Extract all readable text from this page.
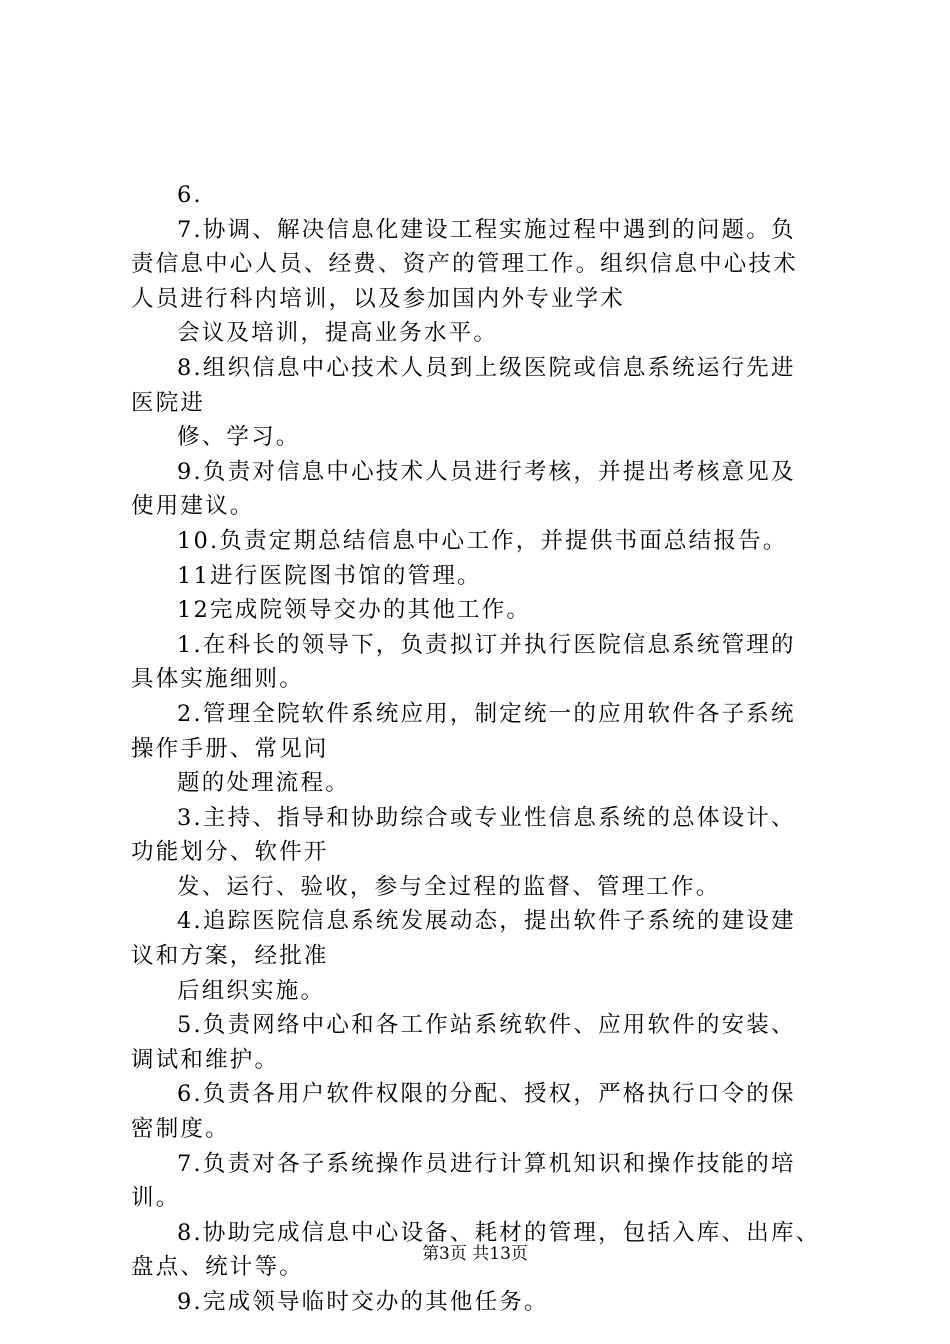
6.
7.协调、解决信息化建设工程实施过程中遇到的问题。负
责信息中心人员、经费、资产的管理工作。组织信息中心技术
人员进行科内培训，以及参加国内外专业学术
会议及培训，提高业务水平。
8.组织信息中心技术人员到上级医院或信息系统运行先进
医院进
修、学习。
9.负责对信息中心技术人员进行考核，并提出考核意见及
使用建议。
10.负责定期总结信息中心工作，并提供书面总结报告。
11进行医院图书馆的管理。
12完成院领导交办的其他工作。
1.在科长的领导下，负责拟订并执行医院信息系统管理的
具体实施细则。
2.管理全院软件系统应用，制定统一的应用软件各子系统
操作手册、常见问
题的处理流程。
3.主持、指导和协助综合或专业性信息系统的总体设计、
功能划分、软件开
发、运行、验收，参与全过程的监督、管理工作。
4.追踪医院信息系统发展动态，提出软件子系统的建设建
议和方案，经批准
后组织实施。
5.负责网络中心和各工作站系统软件、应用软件的安装、
调试和维护。
6.负责各用户软件权限的分配、授权，严格执行口令的保
密制度。
7.负责对各子系统操作员进行计算机知识和操作技能的培
训。
8.协助完成信息中心设备、耗材的管理，包括入库、出库、
盘点、统计等。
9.完成领导临时交办的其他任务。
第3页 共13页
